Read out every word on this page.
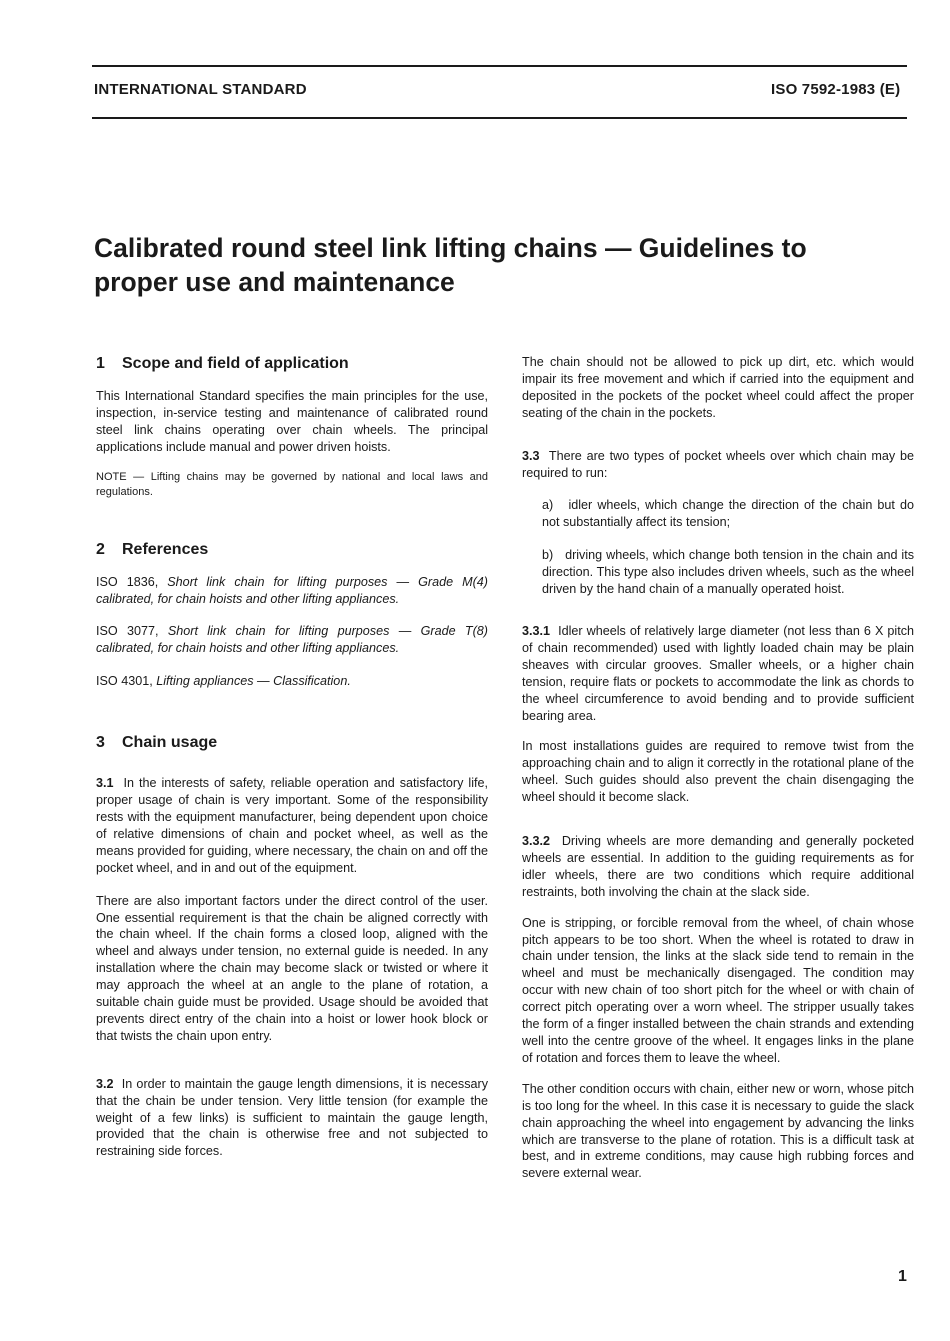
INTERNATIONAL STANDARD	ISO 7592-1983 (E)
Calibrated round steel link lifting chains — Guidelines to
proper use and maintenance
1 Scope and field of application

This International Standard specifies the main principles for the use, inspection, in-service testing and maintenance of calibrated round steel link chains operating over chain wheels. The principal applications include manual and power driven hoists.

NOTE — Lifting chains may be governed by national and local laws and regulations.

2 References

ISO 1836, Short link chain for lifting purposes — Grade M(4) calibrated, for chain hoists and other lifting appliances.

ISO 3077, Short link chain for lifting purposes — Grade T(8) calibrated, for chain hoists and other lifting appliances.

ISO 4301, Lifting appliances — Classification.

3 Chain usage

3.1 In the interests of safety, reliable operation and satisfactory life, proper usage of chain is very important. Some of the responsibility rests with the equipment manufacturer, being dependent upon choice of relative dimensions of chain and pocket wheel, as well as the means provided for guiding, where necessary, the chain on and off the pocket wheel, and in and out of the equipment.

There are also important factors under the direct control of the user. One essential requirement is that the chain be aligned correctly with the chain wheel. If the chain forms a closed loop, aligned with the wheel and always under tension, no external guide is needed. In any installation where the chain may become slack or twisted or where it may approach the wheel at an angle to the plane of rotation, a suitable chain guide must be provided. Usage should be avoided that prevents direct entry of the chain into a hoist or lower hook block or that twists the chain upon entry.

3.2 In order to maintain the gauge length dimensions, it is necessary that the chain be under tension. Very little tension (for example the weight of a few links) is sufficient to maintain the gauge length, provided that the chain is otherwise free and not subjected to restraining side forces.

The chain should not be allowed to pick up dirt, etc. which would impair its free movement and which if carried into the equipment and deposited in the pockets of the pocket wheel could affect the proper seating of the chain in the pockets.

3.3 There are two types of pocket wheels over which chain may be required to run:

a) idler wheels, which change the direction of the chain but do not substantially affect its tension;

b) driving wheels, which change both tension in the chain and its direction. This type also includes driven wheels, such as the wheel driven by the hand chain of a manually operated hoist.

3.3.1 Idler wheels of relatively large diameter (not less than 6 X pitch of chain recommended) used with lightly loaded chain may be plain sheaves with circular grooves. Smaller wheels, or a higher chain tension, require flats or pockets to accommodate the link as chords to the wheel circumference to avoid bending and to provide sufficient bearing area.

In most installations guides are required to remove twist from the approaching chain and to align it correctly in the rotational plane of the wheel. Such guides should also prevent the chain disengaging the wheel should it become slack.

3.3.2 Driving wheels are more demanding and generally pocketed wheels are essential. In addition to the guiding requirements as for idler wheels, there are two conditions which require additional restraints, both involving the chain at the slack side.

One is stripping, or forcible removal from the wheel, of chain whose pitch appears to be too short. When the wheel is rotated to draw in chain under tension, the links at the slack side tend to remain in the wheel and must be mechanically disengaged. The condition may occur with new chain of too short pitch for the wheel or with chain of correct pitch operating over a worn wheel. The stripper usually takes the form of a finger installed between the chain strands and extending well into the centre groove of the wheel. It engages links in the plane of rotation and forces them to leave the wheel.

The other condition occurs with chain, either new or worn, whose pitch is too long for the wheel. In this case it is necessary to guide the slack chain approaching the wheel into engagement by advancing the links which are transverse to the plane of rotation. This is a difficult task at best, and in extreme conditions, may cause high rubbing forces and severe external wear.

1
